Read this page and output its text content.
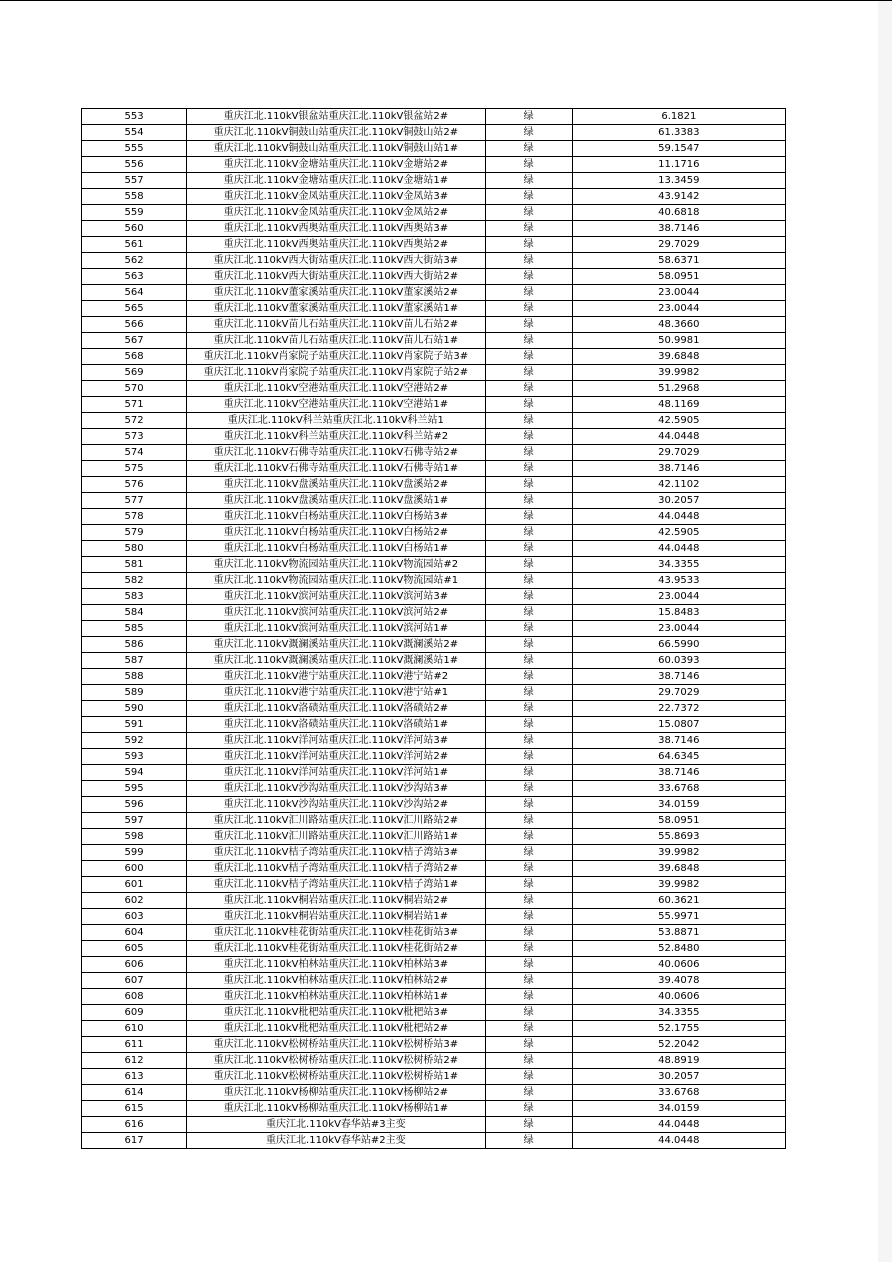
553	重庆江北.110kV银盆站重庆江北.110kV银盆站2#	绿	6.1821
554	重庆江北.110kV铜鼓山站重庆江北.110kV铜鼓山站2#	绿	61.3383
555	重庆江北.110kV铜鼓山站重庆江北.110kV铜鼓山站1#	绿	59.1547
556	重庆江北.110kV金塘站重庆江北.110kV金塘站2#	绿	11.1716
557	重庆江北.110kV金塘站重庆江北.110kV金塘站1#	绿	13.3459
558	重庆江北.110kV金凤站重庆江北.110kV金凤站3#	绿	43.9142
559	重庆江北.110kV金凤站重庆江北.110kV金凤站2#	绿	40.6818
560	重庆江北.110kV西奥站重庆江北.110kV西奥站3#	绿	38.7146
561	重庆江北.110kV西奥站重庆江北.110kV西奥站2#	绿	29.7029
562	重庆江北.110kV西大街站重庆江北.110kV西大街站3#	绿	58.6371
563	重庆江北.110kV西大街站重庆江北.110kV西大街站2#	绿	58.0951
564	重庆江北.110kV董家溪站重庆江北.110kV董家溪站2#	绿	23.0044
565	重庆江北.110kV董家溪站重庆江北.110kV董家溪站1#	绿	23.0044
566	重庆江北.110kV苗儿石站重庆江北.110kV苗儿石站2#	绿	48.3660
567	重庆江北.110kV苗儿石站重庆江北.110kV苗儿石站1#	绿	50.9981
568	重庆江北.110kV肖家院子站重庆江北.110kV肖家院子站3#	绿	39.6848
569	重庆江北.110kV肖家院子站重庆江北.110kV肖家院子站2#	绿	39.9982
570	重庆江北.110kV空港站重庆江北.110kV空港站2#	绿	51.2968
571	重庆江北.110kV空港站重庆江北.110kV空港站1#	绿	48.1169
572	重庆江北.110kV科兰站重庆江北.110kV科兰站1	绿	42.5905
573	重庆江北.110kV科兰站重庆江北.110kV科兰站#2	绿	44.0448
574	重庆江北.110kV石佛寺站重庆江北.110kV石佛寺站2#	绿	29.7029
575	重庆江北.110kV石佛寺站重庆江北.110kV石佛寺站1#	绿	38.7146
576	重庆江北.110kV盘溪站重庆江北.110kV盘溪站2#	绿	42.1102
577	重庆江北.110kV盘溪站重庆江北.110kV盘溪站1#	绿	30.2057
578	重庆江北.110kV白杨站重庆江北.110kV白杨站3#	绿	44.0448
579	重庆江北.110kV白杨站重庆江北.110kV白杨站2#	绿	42.5905
580	重庆江北.110kV白杨站重庆江北.110kV白杨站1#	绿	44.0448
581	重庆江北.110kV物流园站重庆江北.110kV物流园站#2	绿	34.3355
582	重庆江北.110kV物流园站重庆江北.110kV物流园站#1	绿	43.9533
583	重庆江北.110kV滨河站重庆江北.110kV滨河站3#	绿	23.0044
584	重庆江北.110kV滨河站重庆江北.110kV滨河站2#	绿	15.8483
585	重庆江北.110kV滨河站重庆江北.110kV滨河站1#	绿	23.0044
586	重庆江北.110kV溉澜溪站重庆江北.110kV溉澜溪站2#	绿	66.5990
587	重庆江北.110kV溉澜溪站重庆江北.110kV溉澜溪站1#	绿	60.0393
588	重庆江北.110kV港宁站重庆江北.110kV港宁站#2	绿	38.7146
589	重庆江北.110kV港宁站重庆江北.110kV港宁站#1	绿	29.7029
590	重庆江北.110kV洛碛站重庆江北.110kV洛碛站2#	绿	22.7372
591	重庆江北.110kV洛碛站重庆江北.110kV洛碛站1#	绿	15.0807
592	重庆江北.110kV洋河站重庆江北.110kV洋河站3#	绿	38.7146
593	重庆江北.110kV洋河站重庆江北.110kV洋河站2#	绿	64.6345
594	重庆江北.110kV洋河站重庆江北.110kV洋河站1#	绿	38.7146
595	重庆江北.110kV沙沟站重庆江北.110kV沙沟站3#	绿	33.6768
596	重庆江北.110kV沙沟站重庆江北.110kV沙沟站2#	绿	34.0159
597	重庆江北.110kV汇川路站重庆江北.110kV汇川路站2#	绿	58.0951
598	重庆江北.110kV汇川路站重庆江北.110kV汇川路站1#	绿	55.8693
599	重庆江北.110kV桔子湾站重庆江北.110kV桔子湾站3#	绿	39.9982
600	重庆江北.110kV桔子湾站重庆江北.110kV桔子湾站2#	绿	39.6848
601	重庆江北.110kV桔子湾站重庆江北.110kV桔子湾站1#	绿	39.9982
602	重庆江北.110kV桐岩站重庆江北.110kV桐岩站2#	绿	60.3621
603	重庆江北.110kV桐岩站重庆江北.110kV桐岩站1#	绿	55.9971
604	重庆江北.110kV桂花街站重庆江北.110kV桂花街站3#	绿	53.8871
605	重庆江北.110kV桂花街站重庆江北.110kV桂花街站2#	绿	52.8480
606	重庆江北.110kV柏林站重庆江北.110kV柏林站3#	绿	40.0606
607	重庆江北.110kV柏林站重庆江北.110kV柏林站2#	绿	39.4078
608	重庆江北.110kV柏林站重庆江北.110kV柏林站1#	绿	40.0606
609	重庆江北.110kV枇杷站重庆江北.110kV枇杷站3#	绿	34.3355
610	重庆江北.110kV枇杷站重庆江北.110kV枇杷站2#	绿	52.1755
611	重庆江北.110kV松树桥站重庆江北.110kV松树桥站3#	绿	52.2042
612	重庆江北.110kV松树桥站重庆江北.110kV松树桥站2#	绿	48.8919
613	重庆江北.110kV松树桥站重庆江北.110kV松树桥站1#	绿	30.2057
614	重庆江北.110kV杨柳站重庆江北.110kV杨柳站2#	绿	33.6768
615	重庆江北.110kV杨柳站重庆江北.110kV杨柳站1#	绿	34.0159
616	重庆江北.110kV春华站#3主变	绿	44.0448
617	重庆江北.110kV春华站#2主变	绿	44.0448
